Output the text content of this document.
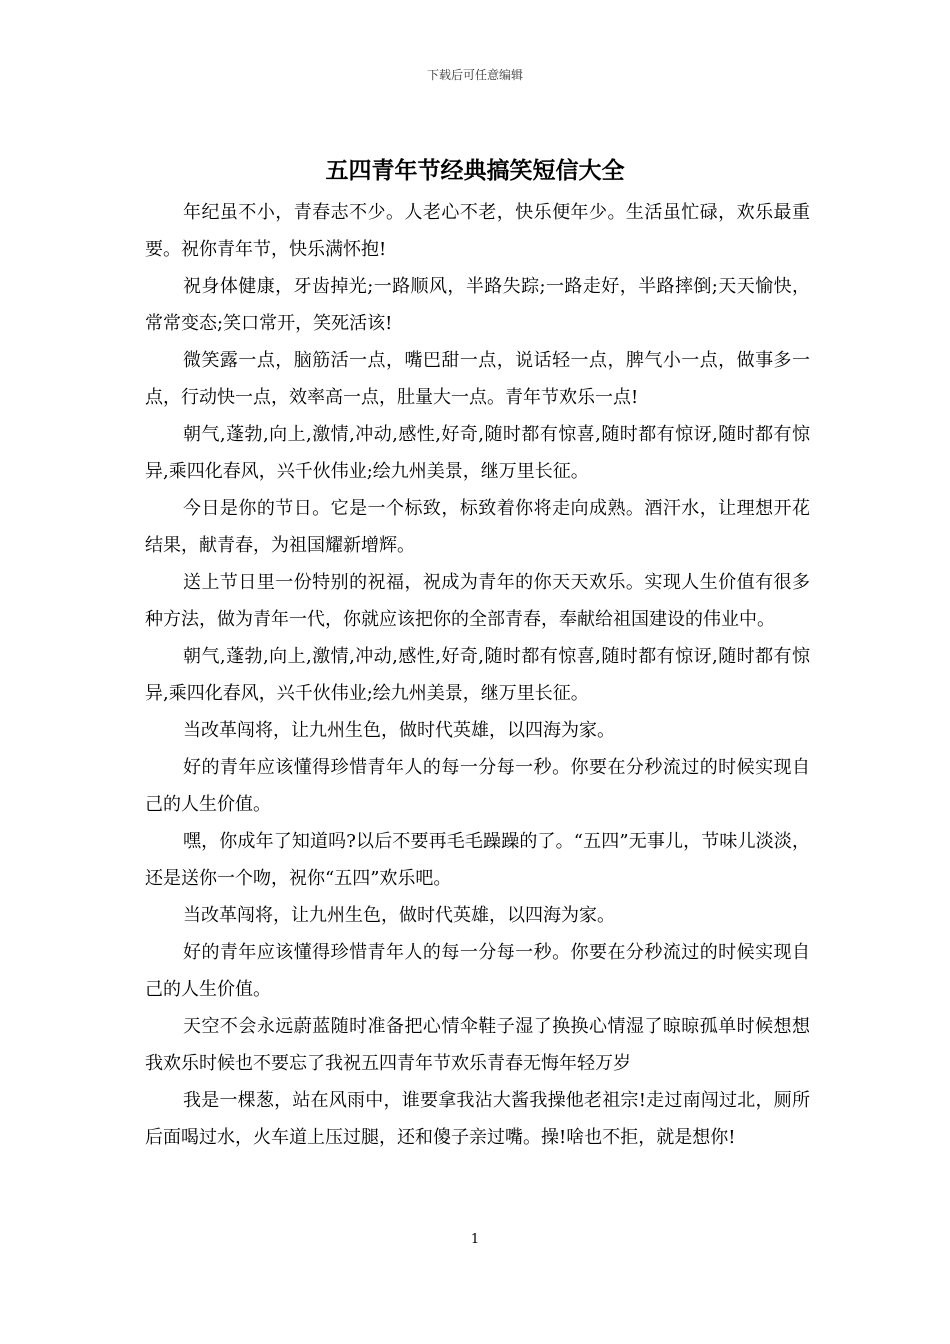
下载后可任意编辑
五四青年节经典搞笑短信大全

年纪虽不小，青春志不少。人老心不老，快乐便年少。生活虽忙碌，欢乐最重要。祝你青年节，快乐满怀抱!

祝身体健康，牙齿掉光;一路顺风，半路失踪;一路走好，半路摔倒;天天愉快，常常变态;笑口常开，笑死活该!

微笑露一点，脑筋活一点，嘴巴甜一点，说话轻一点，脾气小一点，做事多一点，行动快一点，效率高一点，肚量大一点。青年节欢乐一点!

朝气,蓬勃,向上,激情,冲动,感性,好奇,随时都有惊喜,随时都有惊讶,随时都有惊异,乘四化春风，兴千伙伟业;绘九州美景，继万里长征。

今日是你的节日。它是一个标致，标致着你将走向成熟。酒汗水，让理想开花结果，献青春，为祖国耀新增辉。

送上节日里一份特别的祝福，祝成为青年的你天天欢乐。实现人生价值有很多种方法，做为青年一代，你就应该把你的全部青春，奉献给祖国建设的伟业中。

朝气,蓬勃,向上,激情,冲动,感性,好奇,随时都有惊喜,随时都有惊讶,随时都有惊异,乘四化春风，兴千伙伟业;绘九州美景，继万里长征。

当改革闯将，让九州生色，做时代英雄，以四海为家。

好的青年应该懂得珍惜青年人的每一分每一秒。你要在分秒流过的时候实现自己的人生价值。

嘿，你成年了知道吗?以后不要再毛毛躁躁的了。“五四”无事儿，节味儿淡淡，还是送你一个吻，祝你“五四”欢乐吧。

当改革闯将，让九州生色，做时代英雄，以四海为家。

好的青年应该懂得珍惜青年人的每一分每一秒。你要在分秒流过的时候实现自己的人生价值。

天空不会永远蔚蓝随时准备把心情伞鞋子湿了换换心情湿了晾晾孤单时候想想我欢乐时候也不要忘了我祝五四青年节欢乐青春无悔年轻万岁

我是一棵葱，站在风雨中，谁要拿我沾大酱我操他老祖宗!走过南闯过北，厕所后面喝过水，火车道上压过腿，还和傻子亲过嘴。操!啥也不拒，就是想你!

1
